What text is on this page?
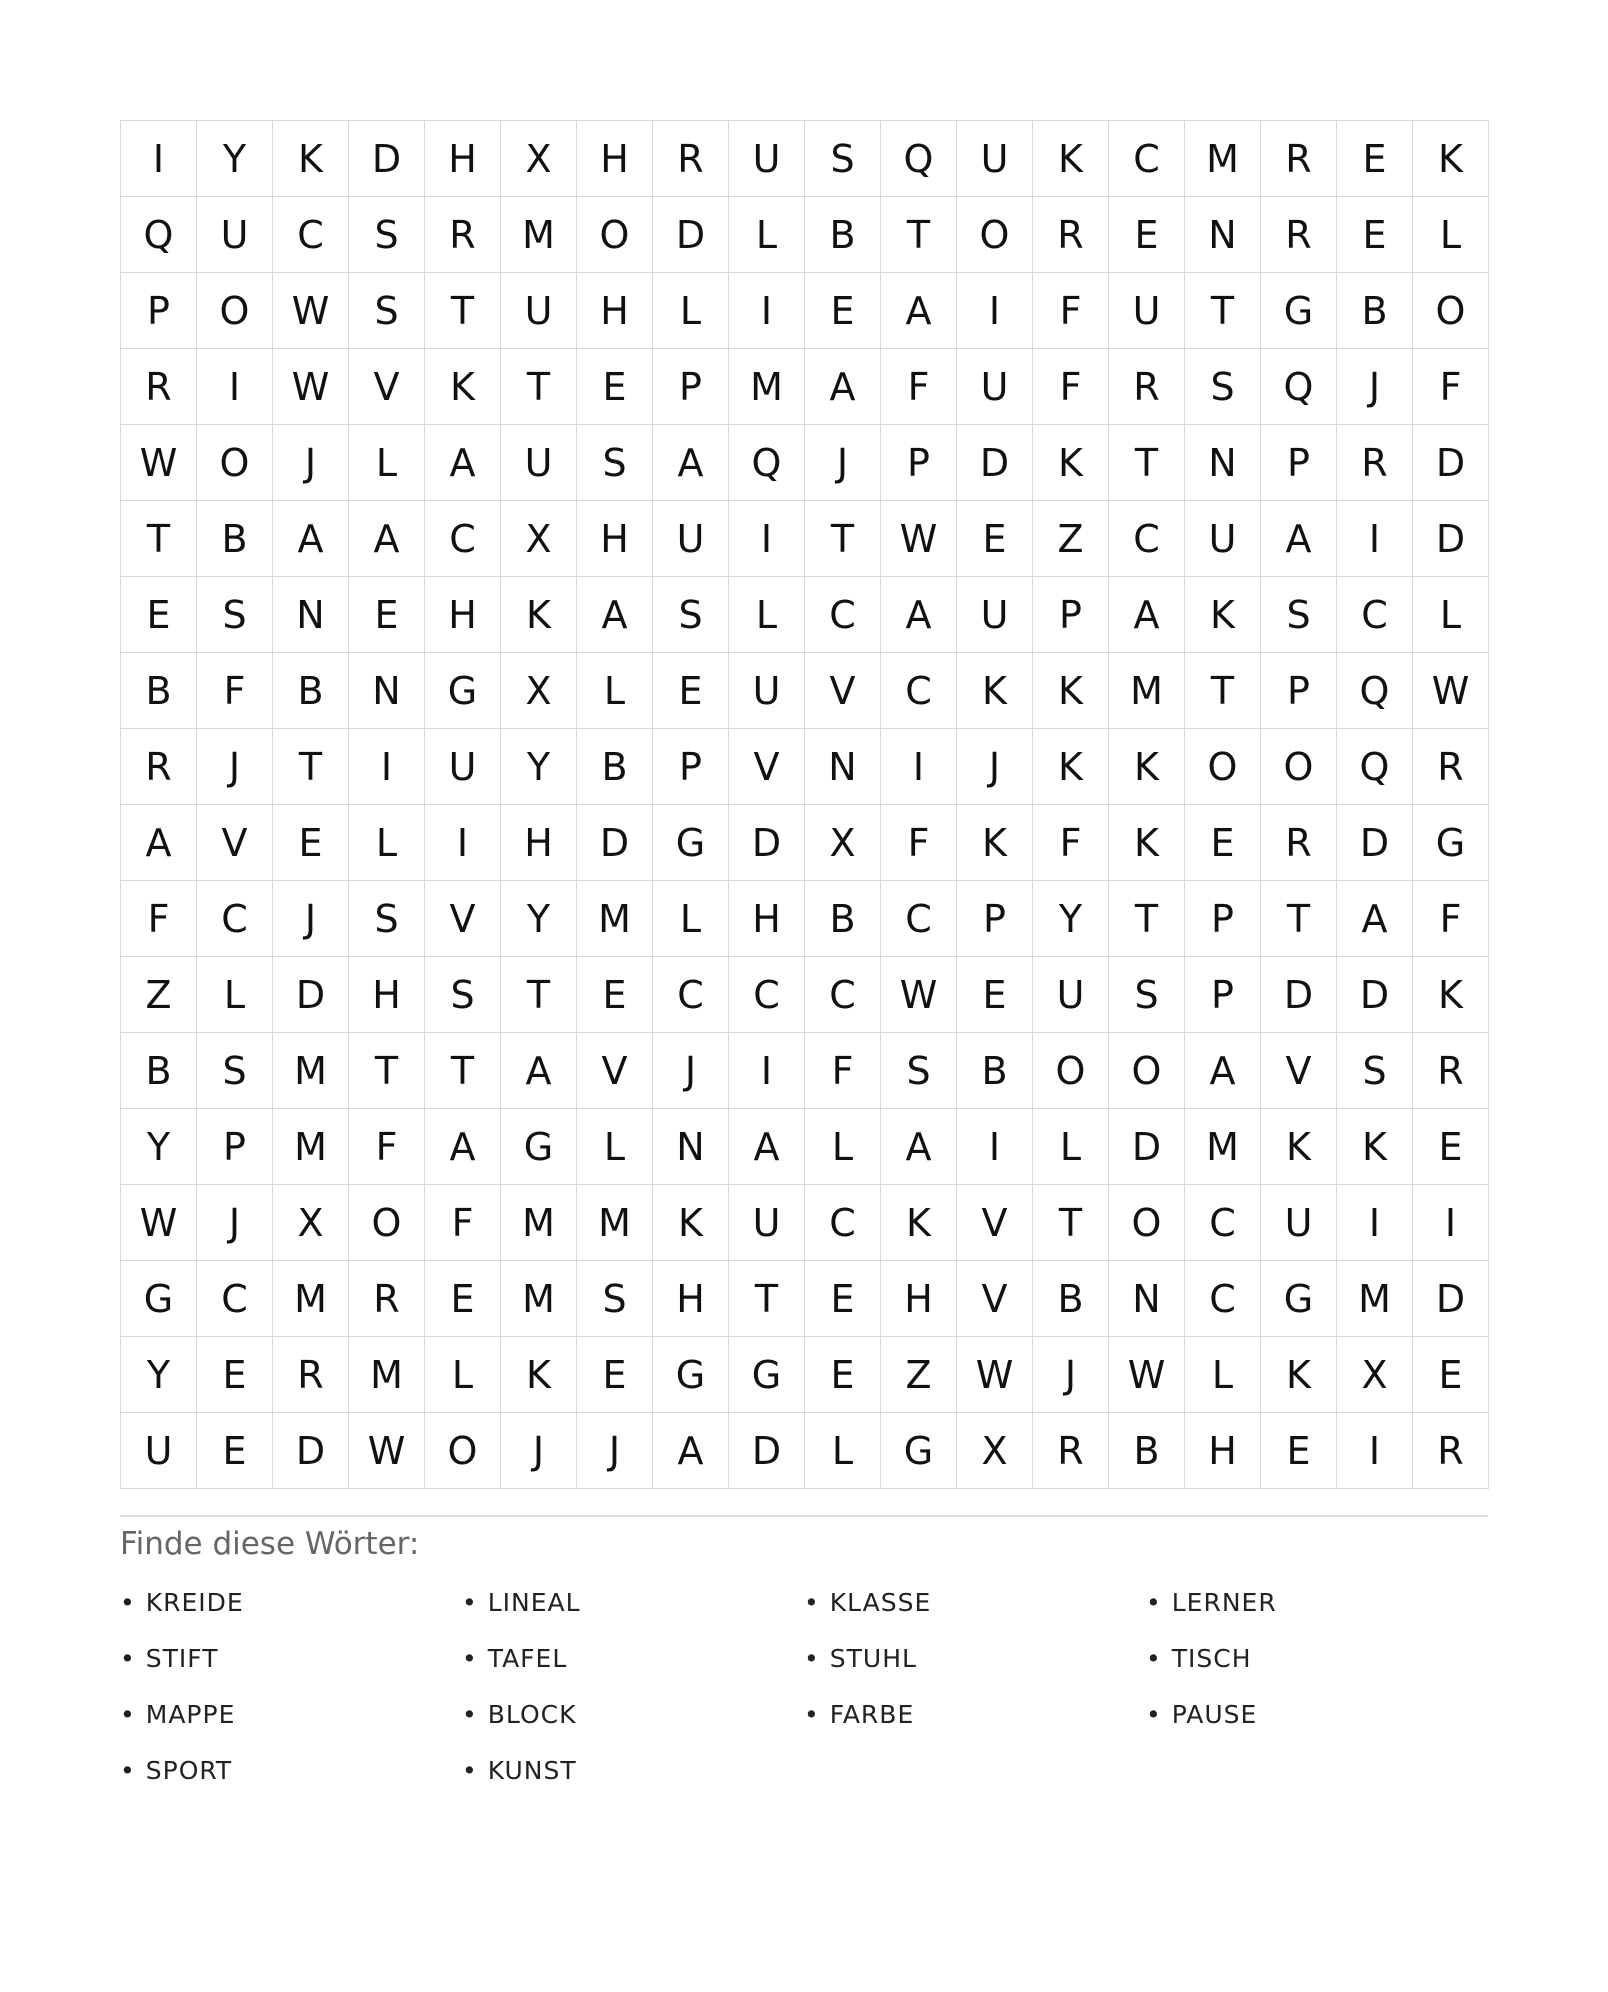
I	Y	K	D	H	X	H	R	U	S	Q	U	K	C	M	R	E	K
Q	U	C	S	R	M	O	D	L	B	T	O	R	E	N	R	E	L
P	O	W	S	T	U	H	L	I	E	A	I	F	U	T	G	B	O
R	I	W	V	K	T	E	P	M	A	F	U	F	R	S	Q	J	F
W	O	J	L	A	U	S	A	Q	J	P	D	K	T	N	P	R	D
T	B	A	A	C	X	H	U	I	T	W	E	Z	C	U	A	I	D
E	S	N	E	H	K	A	S	L	C	A	U	P	A	K	S	C	L
B	F	B	N	G	X	L	E	U	V	C	K	K	M	T	P	Q	W
R	J	T	I	U	Y	B	P	V	N	I	J	K	K	O	O	Q	R
A	V	E	L	I	H	D	G	D	X	F	K	F	K	E	R	D	G
F	C	J	S	V	Y	M	L	H	B	C	P	Y	T	P	T	A	F
Z	L	D	H	S	T	E	C	C	C	W	E	U	S	P	D	D	K
B	S	M	T	T	A	V	J	I	F	S	B	O	O	A	V	S	R
Y	P	M	F	A	G	L	N	A	L	A	I	L	D	M	K	K	E
W	J	X	O	F	M	M	K	U	C	K	V	T	O	C	U	I	I
G	C	M	R	E	M	S	H	T	E	H	V	B	N	C	G	M	D
Y	E	R	M	L	K	E	G	G	E	Z	W	J	W	L	K	X	E
U	E	D	W	O	J	J	A	D	L	G	X	R	B	H	E	I	R
Finde diese Wörter:
• KREIDE	• LINEAL	• KLASSE	• LERNER
• STIFT	• TAFEL	• STUHL	• TISCH
• MAPPE	• BLOCK	• FARBE	• PAUSE
• SPORT	• KUNST
